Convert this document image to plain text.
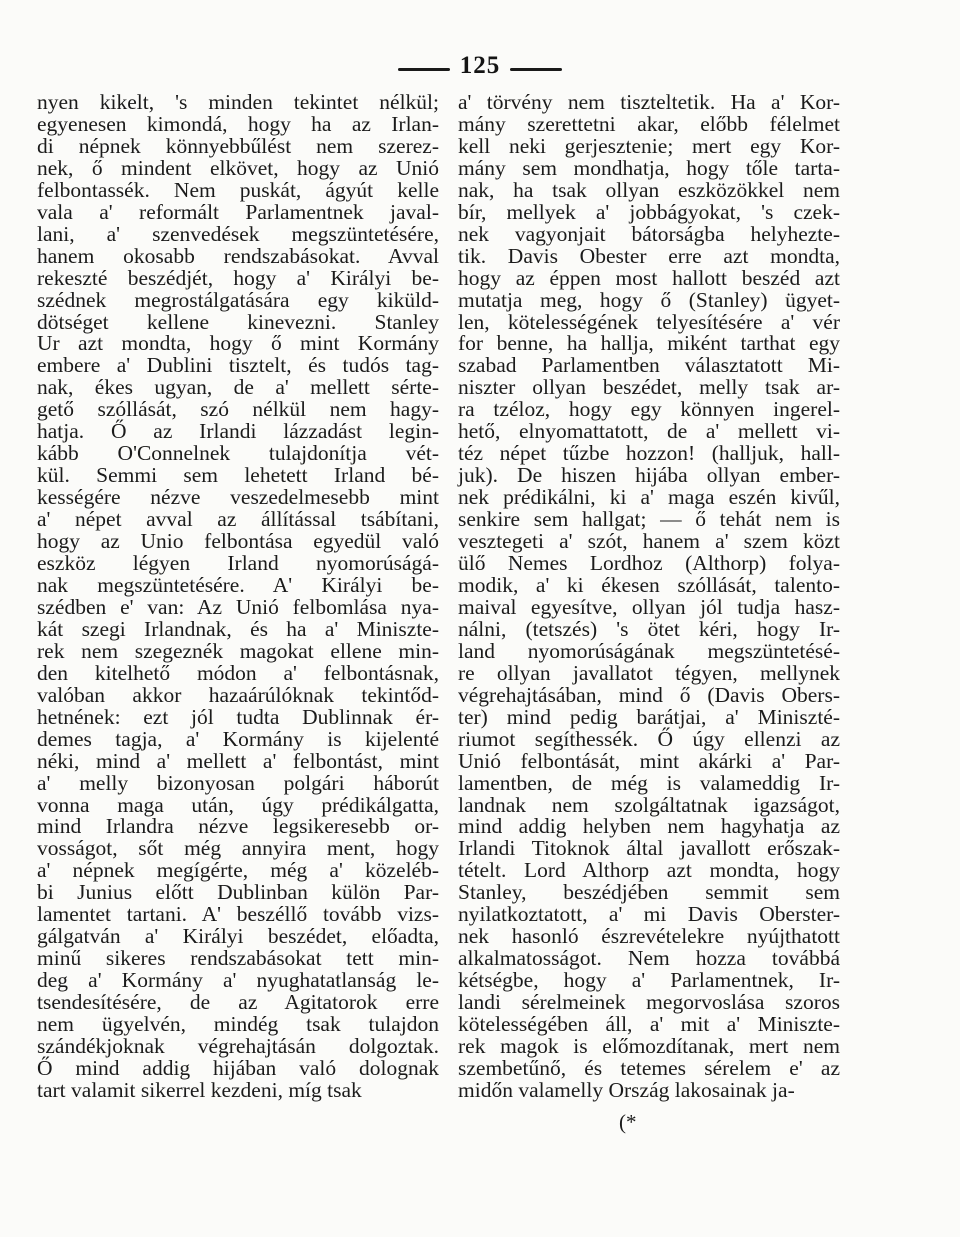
125
nyen kikelt, 's minden tekintet nélkül;
egyenesen kimondá, hogy ha az Irlan-
di népnek könnyebbűlést nem szerez-
nek, ő mindent elkövet, hogy az Unió
felbontassék. Nem puskát, ágyút kelle
vala a' reformált Parlamentnek javal-
lani, a' szenvedések megszüntetésére,
hanem okosabb rendszabásokat. Avval
rekeszté beszédjét, hogy a' Királyi be-
szédnek megrostálgatására egy kiküld-
dötséget kellene kinevezni. Stanley
Ur azt mondta, hogy ő mint Kormány
embere a' Dublini tisztelt, és tudós tag-
nak, ékes ugyan, de a' mellett sérte-
gető szóllását, szó nélkül nem hagy-
hatja. Ő az Irlandi lázzadást legin-
kább O'Connelnek tulajdonítja vét-
kül. Semmi sem lehetett Irland bé-
kességére nézve veszedelmesebb mint
a' népet avval az állítással tsábítani,
hogy az Unio felbontása egyedül való
eszköz légyen Irland nyomorúságá-
nak megszüntetésére. A' Királyi be-
szédben e' van: Az Unió felbomlása nya-
kát szegi Irlandnak, és ha a' Miniszte-
rek nem szegeznék magokat ellene min-
den kitelhető módon a' felbontásnak,
valóban akkor hazaárúlóknak tekintőd-
hetnének: ezt jól tudta Dublinnak ér-
demes tagja, a' Kormány is kijelenté
néki, mind a' mellett a' felbontást, mint
a' melly bizonyosan polgári háborút
vonna maga után, úgy prédikálgatta,
mind Irlandra nézve legsikeresebb or-
vosságot, sőt még annyira ment, hogy
a' népnek megígérte, még a' közeléb-
bi Junius előtt Dublinban külön Par-
lamentet tartani. A' beszéllő tovább vizs-
gálgatván a' Királyi beszédet, előadta,
minű sikeres rendszabásokat tett min-
deg a' Kormány a' nyughatatlanság le-
tsendesítésére, de az Agitatorok erre
nem ügyelvén, mindég tsak tulajdon
szándékjoknak végrehajtásán dolgoztak.
Ő mind addig hijában való dolognak
tart valamit sikerrel kezdeni, míg tsak
a' törvény nem tiszteltetik. Ha a' Kor-
mány szerettetni akar, előbb félelmet
kell neki gerjesztenie; mert egy Kor-
mány sem mondhatja, hogy tőle tarta-
nak, ha tsak ollyan eszközökkel nem
bír, mellyek a' jobbágyokat, 's czek-
nek vagyonjait bátorságba helyhezte-
tik. Davis Obester erre azt mondta,
hogy az éppen most hallott beszéd azt
mutatja meg, hogy ő (Stanley) ügyet-
len, kötelességének telyesítésére a' vér
for benne, ha hallja, miként tarthat egy
szabad Parlamentben választatott Mi-
niszter ollyan beszédet, melly tsak ar-
ra tzéloz, hogy egy könnyen ingerel-
hető, elnyomattatott, de a' mellett vi-
téz népet tűzbe hozzon! (halljuk, hall-
juk). De hiszen hijába ollyan ember-
nek prédikálni, ki a' maga eszén kivűl,
senkire sem hallgat; — ő tehát nem is
vesztegeti a' szót, hanem a' szem közt
ülő Nemes Lordhoz (Althorp) folya-
modik, a' ki ékesen szóllását, talento-
maival egyesítve, ollyan jól tudja hasz-
nálni, (tetszés) 's ötet kéri, hogy Ir-
land nyomorúságának megszüntetésé-
re ollyan javallatot tégyen, mellynek
végrehajtásában, mind ő (Davis Obers-
ter) mind pedig barátjai, a' Miniszté-
riumot segíthessék. Ő úgy ellenzi az
Unió felbontását, mint akárki a' Par-
lamentben, de még is valameddig Ir-
landnak nem szolgáltatnak igazságot,
mind addig helyben nem hagyhatja az
Irlandi Titoknok által javallott erőszak-
tételt. Lord Althorp azt mondta, hogy
Stanley, beszédjében semmit sem
nyilatkoztatott, a' mi Davis Oberster-
nek hasonló észrevételekre nyújthatott
alkalmatosságot. Nem hozza továbbá
kétségbe, hogy a' Parlamentnek, Ir-
landi sérelmeinek megorvoslása szoros
kötelességében áll, a' mit a' Miniszte-
rek magok is előmozdítanak, mert nem
szembetűnő, és tetemes sérelem e' az
midőn valamelly Ország lakosainak ja-
(*
